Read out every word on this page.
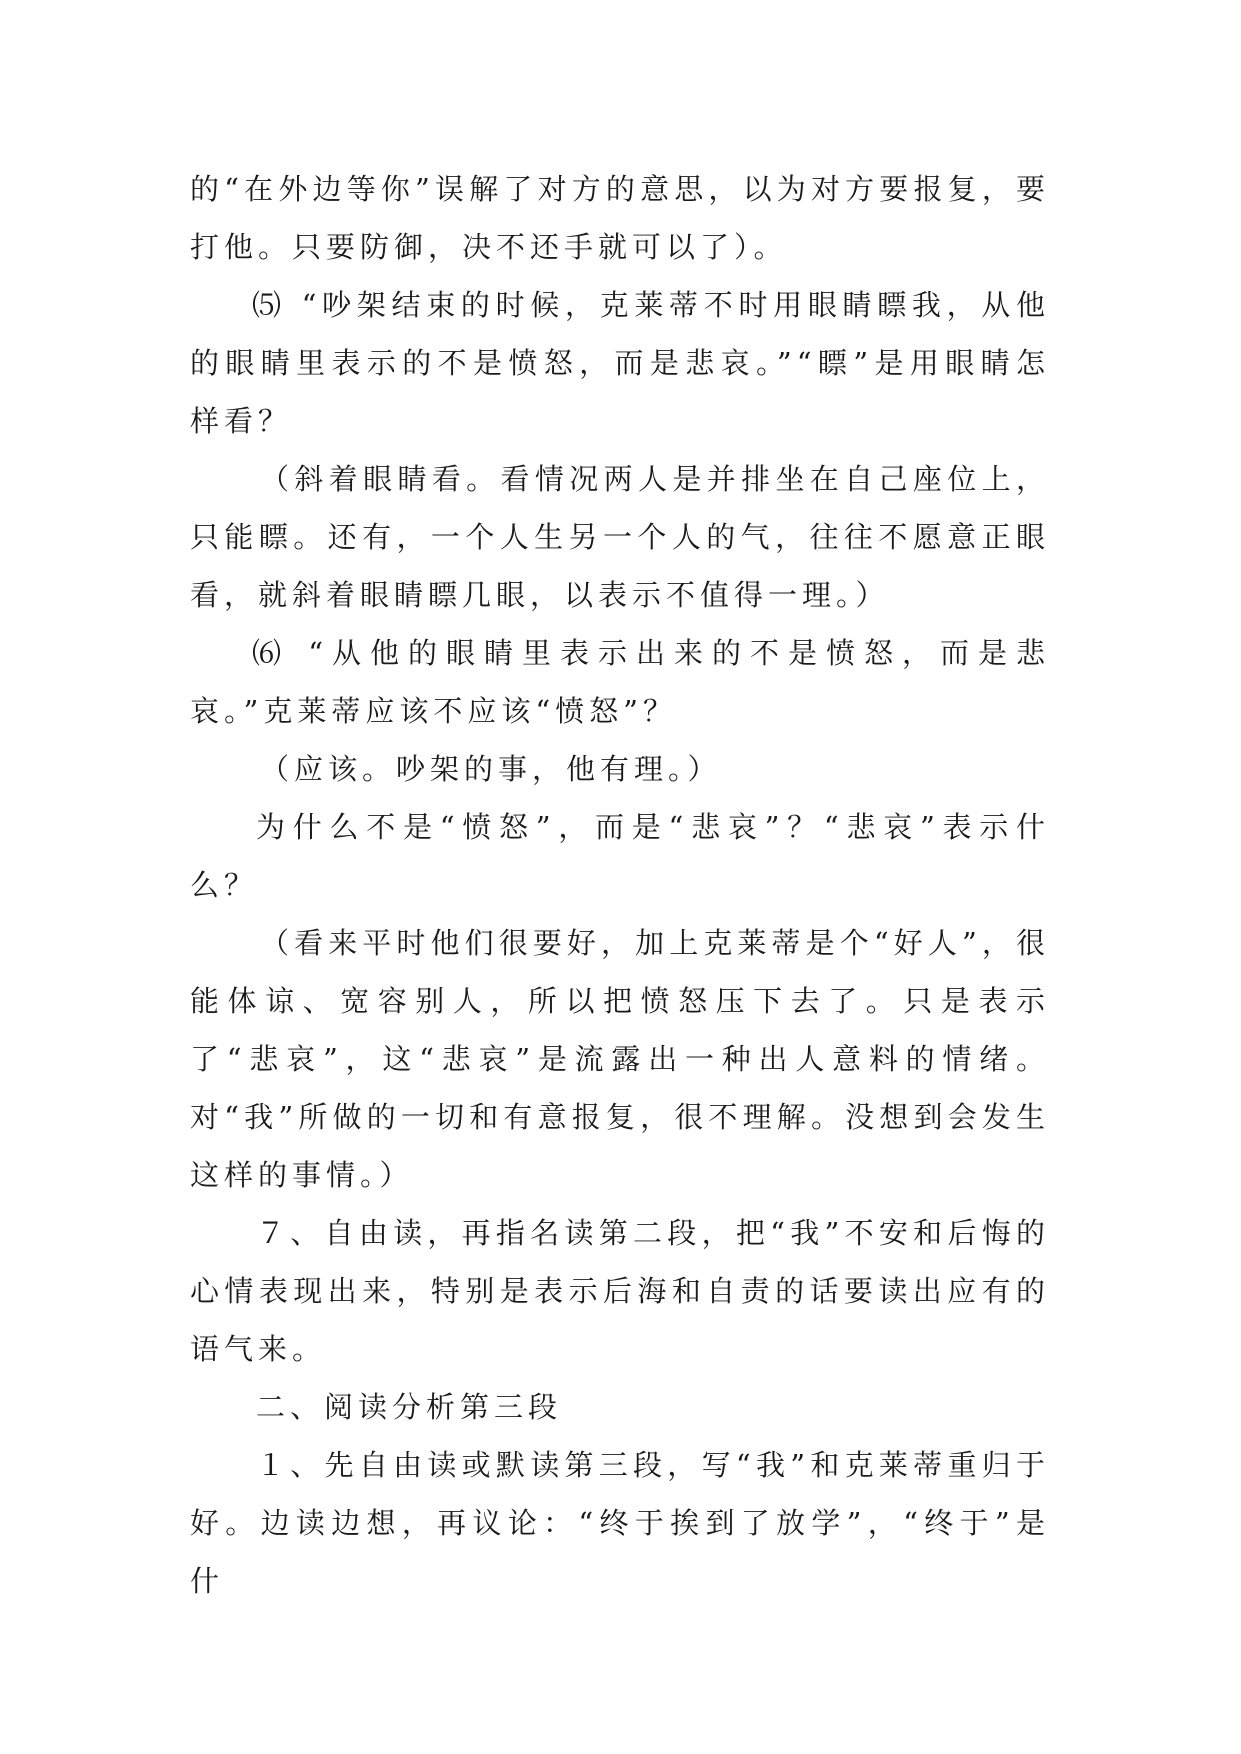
的“在外边等你”误解了对方的意思，以为对方要报复，要打他。只要防御，决不还手就可以了）。

⑸ “吵架结束的时候，克莱蒂不时用眼睛瞟我，从他的眼睛里表示的不是愤怒，而是悲哀。”“瞟”是用眼睛怎样看？

（斜着眼睛看。看情况两人是并排坐在自己座位上，只能瞟。还有，一个人生另一个人的气，往往不愿意正眼看，就斜着眼睛瞟几眼，以表示不值得一理。）

⑹ “从他的眼睛里表示出来的不是愤怒，而是悲哀。”克莱蒂应该不应该“愤怒”？

（应该。吵架的事，他有理。）

为什么不是“愤怒”，而是“悲哀”？“悲哀”表示什么？

（看来平时他们很要好，加上克莱蒂是个“好人”，很能体谅、宽容别人，所以把愤怒压下去了。只是表示了“悲哀”，这“悲哀”是流露出一种出人意料的情绪。对“我”所做的一切和有意报复，很不理解。没想到会发生这样的事情。）

７、自由读，再指名读第二段，把“我”不安和后悔的心情表现出来，特别是表示后海和自责的话要读出应有的语气来。

二、阅读分析第三段

１、先自由读或默读第三段，写“我”和克莱蒂重归于好。边读边想，再议论：“终于挨到了放学”，“终于”是什
